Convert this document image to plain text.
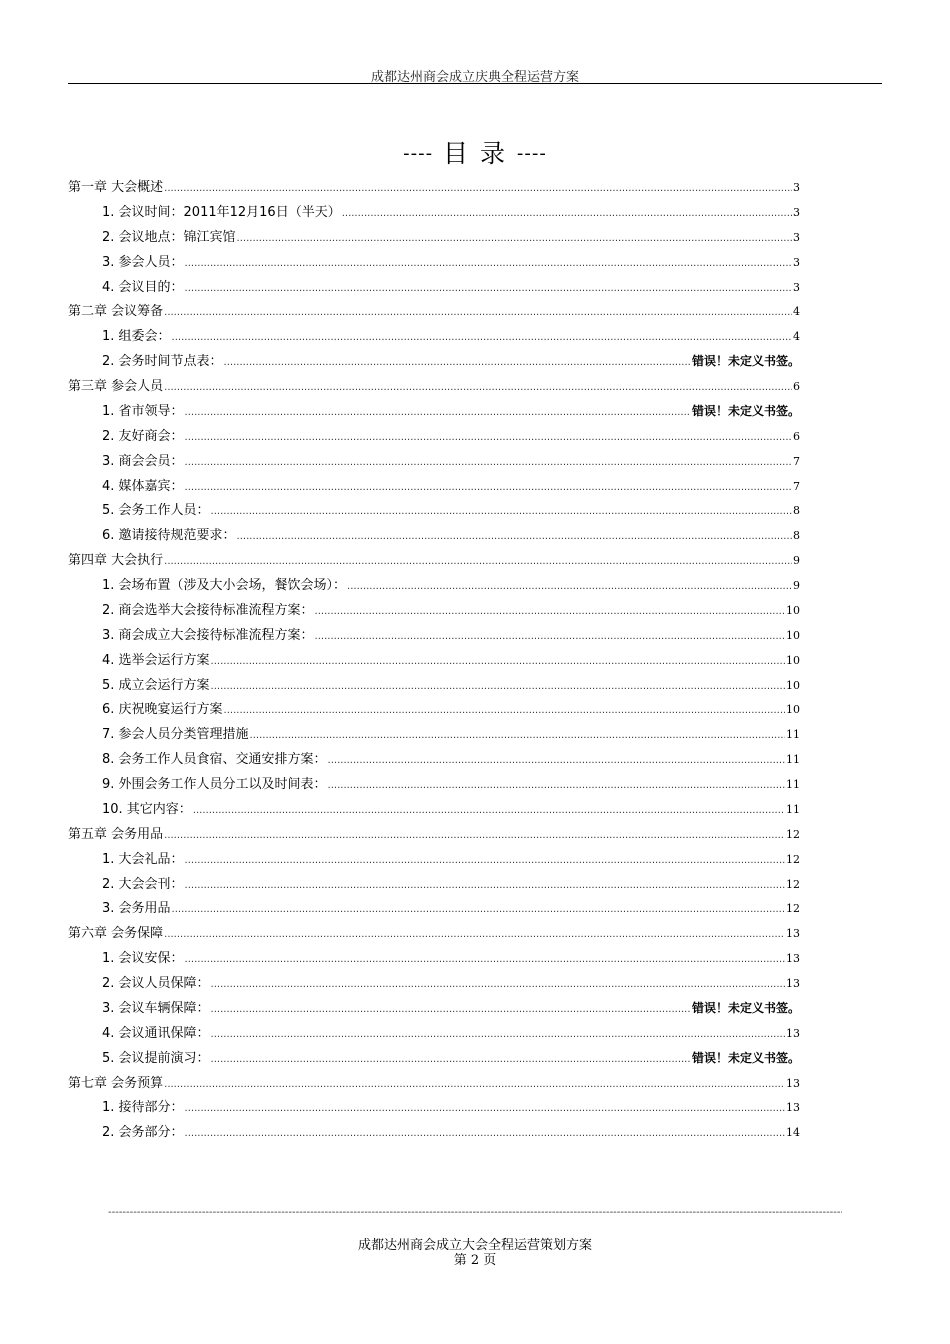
成都达州商会成立庆典全程运营方案
---- 目 录 ----
第一章 大会概述 .....	3
1. 会议时间：2011年12月16日（半天） .....	3
2. 会议地点：锦江宾馆 .....	3
3. 参会人员： .....	3
4. 会议目的： .....	3
第二章 会议筹备 .....	4
1. 组委会： .....	4
2. 会务时间节点表： .....	错误！未定义书签。
第三章 参会人员 .....	6
1. 省市领导： .....	错误！未定义书签。
2. 友好商会： .....	6
3. 商会会员： .....	7
4. 媒体嘉宾： .....	7
5. 会务工作人员： .....	8
6. 邀请接待规范要求： .....	8
第四章 大会执行 .....	9
1. 会场布置（涉及大小会场，餐饮会场）： .....	9
2. 商会选举大会接待标准流程方案： .....	10
3. 商会成立大会接待标准流程方案： .....	10
4. 选举会运行方案 .....	10
5. 成立会运行方案 .....	10
6. 庆祝晚宴运行方案 .....	10
7. 参会人员分类管理措施 .....	11
8. 会务工作人员食宿、交通安排方案： .....	11
9. 外围会务工作人员分工以及时间表： .....	11
10. 其它内容： .....	11
第五章 会务用品 .....	12
1. 大会礼品： .....	12
2. 大会会刊： .....	12
3. 会务用品 .....	12
第六章 会务保障 .....	13
1. 会议安保： .....	13
2. 会议人员保障： .....	13
3. 会议车辆保障： .....	错误！未定义书签。
4. 会议通讯保障： .....	13
5. 会议提前演习： .....	错误！未定义书签。
第七章 会务预算 .....	13
1. 接待部分： .....	13
2. 会务部分： .....	14
-----
成都达州商会成立大会全程运营策划方案
第 2 页
